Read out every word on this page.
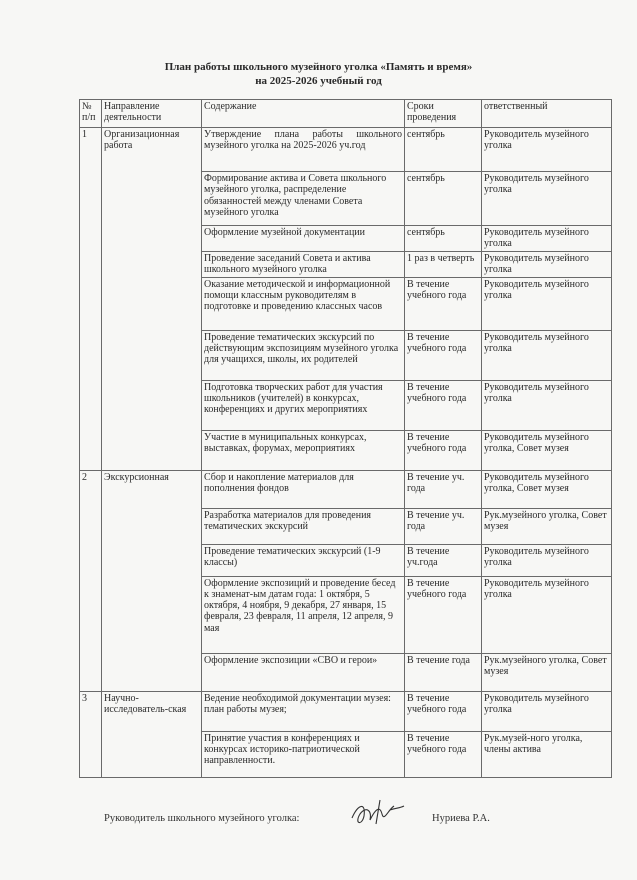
План работы школьного музейного уголка «Память и время»
на 2025-2026 учебный год
№ п/п	Направление деятельности	Содержание	Сроки проведения	ответственный
1	Организационная работа	Утверждение плана работы школьного музейного уголка на 2025-2026 уч.год	сентябрь	Руководитель музейного уголка
		Формирование актива и Совета школьного музейного уголка, распределение обязанностей между членами Совета музейного уголка	сентябрь	Руководитель музейного уголка
		Оформление музейной документации	сентябрь	Руководитель музейного уголка
		Проведение заседаний Совета и актива школьного музейного уголка	1 раз в четверть	Руководитель музейного уголка
		Оказание методической и информационной помощи классным руководителям в подготовке и проведению классных часов	В течение учебного года	Руководитель музейного уголка
		Проведение тематических экскурсий по действующим экспозициям музейного уголка для учащихся, школы, их родителей	В течение учебного года	Руководитель музейного уголка
		Подготовка творческих работ для участия школьников (учителей) в конкурсах, конференциях и других мероприятиях	В течение учебного года	Руководитель музейного уголка
		Участие в муниципальных конкурсах, выставках, форумах, мероприятиях	В течение учебного года	Руководитель музейного уголка, Совет музея
2	Экскурсионная	Сбор и накопление материалов для пополнения фондов	В течение уч. года	Руководитель музейного уголка, Совет музея
		Разработка материалов для проведения тематических экскурсий	В течение уч. года	Рук.музейного уголка, Совет музея
		Проведение тематических экскурсий (1-9 классы)	В течение уч.года	Руководитель музейного уголка
		Оформление экспозиций и проведение бесед к знаменат-ым датам года: 1 октября, 5 октября, 4 ноября, 9 декабря, 27 января, 15 февраля, 23 февраля, 11 апреля, 12 апреля, 9 мая	В течение учебного года	Руководитель музейного уголка
		Оформление экспозиции «СВО и герои»	В течение года	Рук.музейного уголка, Совет музея
3	Научно-исследователь-ская	Ведение необходимой документации музея: план работы музея;	В течение учебного года	Руководитель музейного уголка
		Принятие участия в конференциях и конкурсах историко-патриотической направленности.	В течение учебного года	Рук.музей-ного уголка, члены актива
Руководитель школьного музейного уголка:	Нуриева Р.А.
